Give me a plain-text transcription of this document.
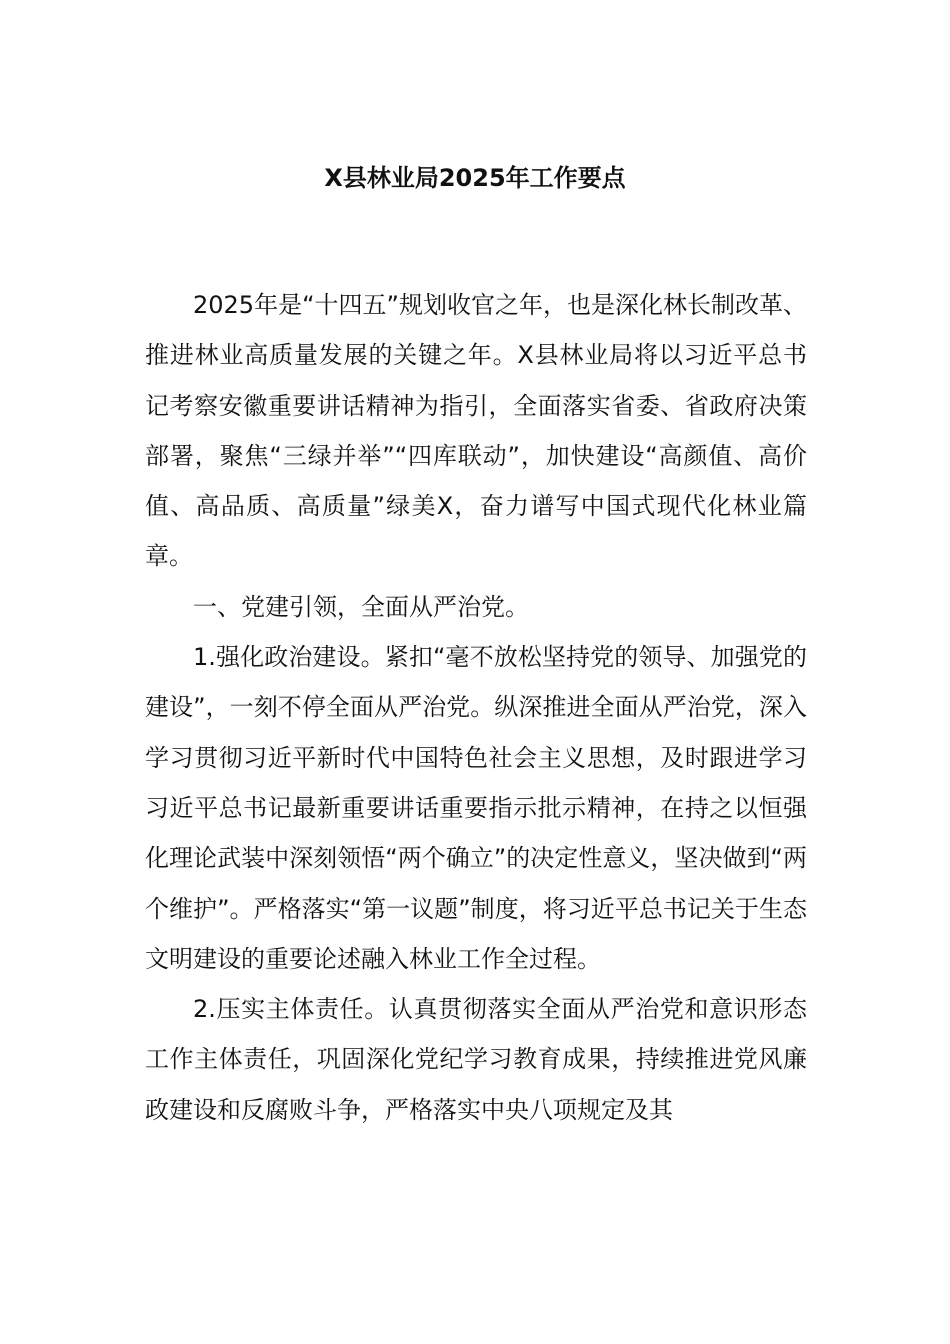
X县林业局2025年工作要点

2025年是“十四五”规划收官之年，也是深化林长制改革、推进林业高质量发展的关键之年。X县林业局将以习近平总书记考察安徽重要讲话精神为指引，全面落实省委、省政府决策部署，聚焦“三绿并举”“四库联动”，加快建设“高颜值、高价值、高品质、高质量”绿美X，奋力谱写中国式现代化林业篇章。

一、党建引领，全面从严治党。

1.强化政治建设。紧扣“毫不放松坚持党的领导、加强党的建设”，一刻不停全面从严治党。纵深推进全面从严治党，深入学习贯彻习近平新时代中国特色社会主义思想，及时跟进学习习近平总书记最新重要讲话重要指示批示精神，在持之以恒强化理论武装中深刻领悟“两个确立”的决定性意义，坚决做到“两个维护”。严格落实“第一议题”制度，将习近平总书记关于生态文明建设的重要论述融入林业工作全过程。

2.压实主体责任。认真贯彻落实全面从严治党和意识形态工作主体责任，巩固深化党纪学习教育成果，持续推进党风廉政建设和反腐败斗争，严格落实中央八项规定及其
